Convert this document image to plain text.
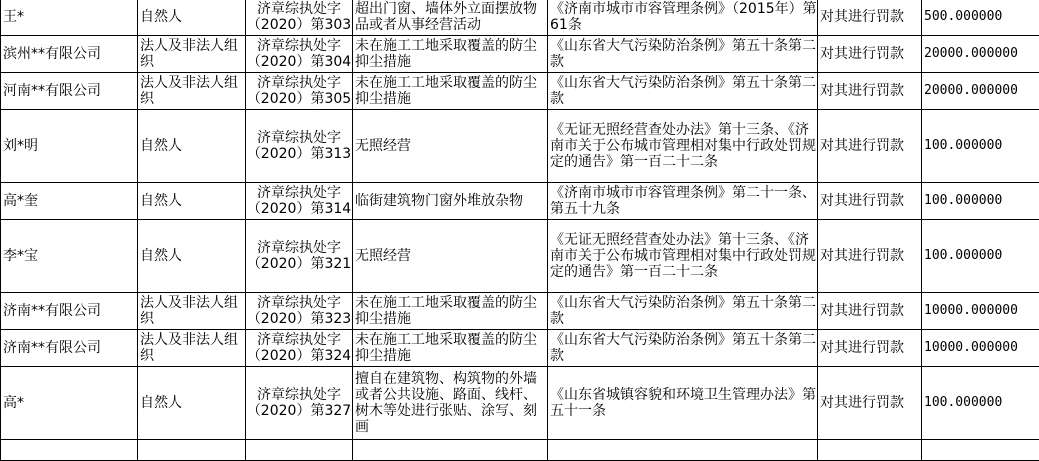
王*	自然人	济章综执处字（2020）第303	超出门窗、墙体外立面摆放物品或者从事经营活动	《济南市城市市容管理条例》（2015年）第61条	对其进行罚款	500.000000
滨州**有限公司	法人及非法人组织	济章综执处字（2020）第304	未在施工工地采取覆盖的防尘抑尘措施	《山东省大气污染防治条例》第五十条第二款	对其进行罚款	20000.000000
河南**有限公司	法人及非法人组织	济章综执处字（2020）第305	未在施工工地采取覆盖的防尘抑尘措施	《山东省大气污染防治条例》第五十条第二款	对其进行罚款	20000.000000
刘*明	自然人	济章综执处字（2020）第313	无照经营	《无证无照经营查处办法》第十三条、《济南市关于公布城市管理相对集中行政处罚规定的通告》第一百二十二条	对其进行罚款	100.000000
高*奎	自然人	济章综执处字（2020）第314	临街建筑物门窗外堆放杂物	《济南市城市市容管理条例》第二十一条、第五十九条	对其进行罚款	100.000000
李*宝	自然人	济章综执处字（2020）第321	无照经营	《无证无照经营查处办法》第十三条、《济南市关于公布城市管理相对集中行政处罚规定的通告》第一百二十二条	对其进行罚款	100.000000
济南**有限公司	法人及非法人组织	济章综执处字（2020）第323	未在施工工地采取覆盖的防尘抑尘措施	《山东省大气污染防治条例》第五十条第二款	对其进行罚款	10000.000000
济南**有限公司	法人及非法人组织	济章综执处字（2020）第324	未在施工工地采取覆盖的防尘抑尘措施	《山东省大气污染防治条例》第五十条第二款	对其进行罚款	10000.000000
高*	自然人	济章综执处字（2020）第327	擅自在建筑物、构筑物的外墙或者公共设施、路面、线杆、树木等处进行张贴、涂写、刻画	《山东省城镇容貌和环境卫生管理办法》第五十一条	对其进行罚款	100.000000
